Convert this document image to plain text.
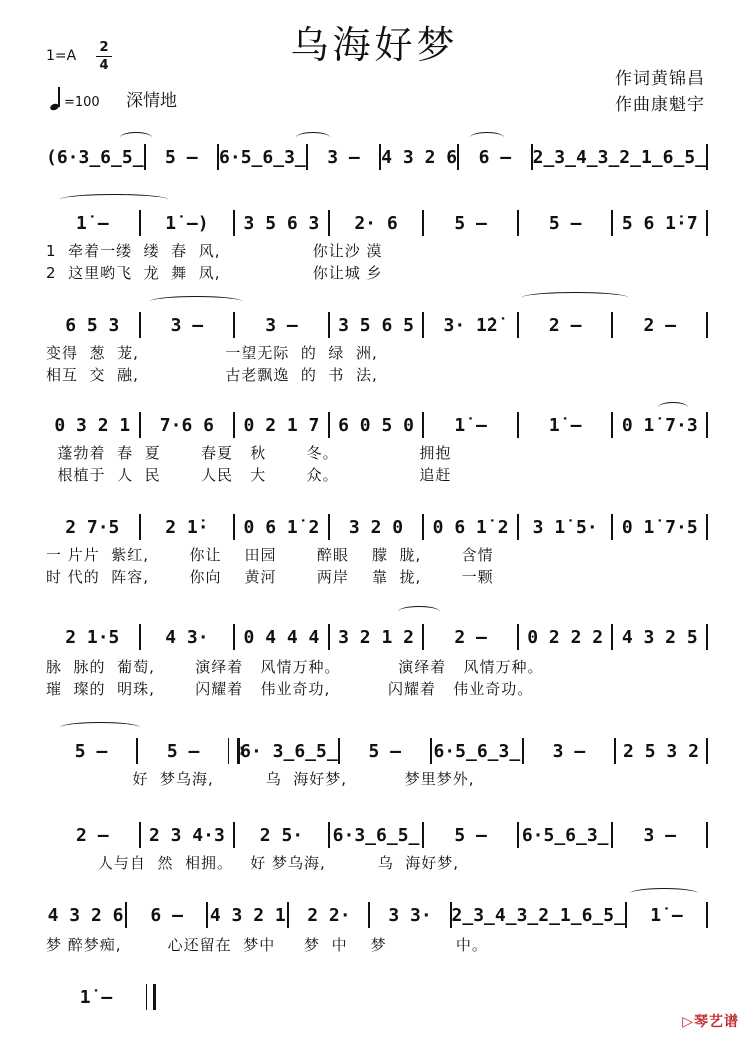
乌海好梦
1=A
2
4
=100 深情地
作词黄锦昌
作曲康魁宇
(6·3̲6̲5̲	5 –	6·5̲6̲3̲	3 –	4 3 2 6	6 –	2̲3̲4̲3̲2̲1̲6̲5̲
1̇ –	1̇ –)	3 5 6 3	2· 6	5 –	5 –	5 6 1̇·7
6 5 3	3 –	3 –	3 5 6 5	3· 1̇2̇	2 –	2 –
0 3 2 1	7·6 6	0 2 1 7	6 0 5 0	1̇ –	1̇ –	0 1̇ 7·3
2 7·5	2 1̇·	0 6 1̇ 2	3 2 0	0 6 1̇ 2	3 1̇ 5·	0 1̇ 7·5
2 1·5	4 3·	0 4 4 4	3 2 1 2	2 –	0 2 2 2	4 3 2 5
5 –	5 –
:	6· 3̲6̲5̲	5 –	6·5̲6̲3̲	3 –	2 5 3 2
2 –	2 3 4·3	2 5·	6·3̲6̲5̲	5 –	6·5̲6̲3̲	3 –
4 3 2 6	6 –	4 3 2 1	2 2·	3 3·	2̲3̲4̲3̲2̲1̲6̲5̲	1̇ –
1̇ –
1  牵着一缕  缕  春  风,                你让沙 漠
2  这里哟飞  龙  舞  凤,                你让城 乡
变得  葱  茏,               一望无际  的  绿  洲,
相互  交  融,               古老飘逸  的  书  法,
蓬勃着  春  夏       春夏   秋       冬。              拥抱
根植于  人  民       人民   大       众。              追赶
一 片片  紫红,       你让    田园       醉眼    朦  胧,       含情
时 代的  阵容,       你向    黄河       两岸    靠  拢,       一颗
脉  脉的  葡萄,       演绎着   风情万种。          演绎着   风情万种。
璀  璨的  明珠,       闪耀着   伟业奇功,          闪耀着   伟业奇功。
好  梦乌海,         乌  海好梦,          梦里梦外,
人与自  然  相拥。   好 梦乌海,         乌  海好梦,
梦 醉梦痴,        心还留在  梦中     梦  中    梦            中。
▷琴艺谱
